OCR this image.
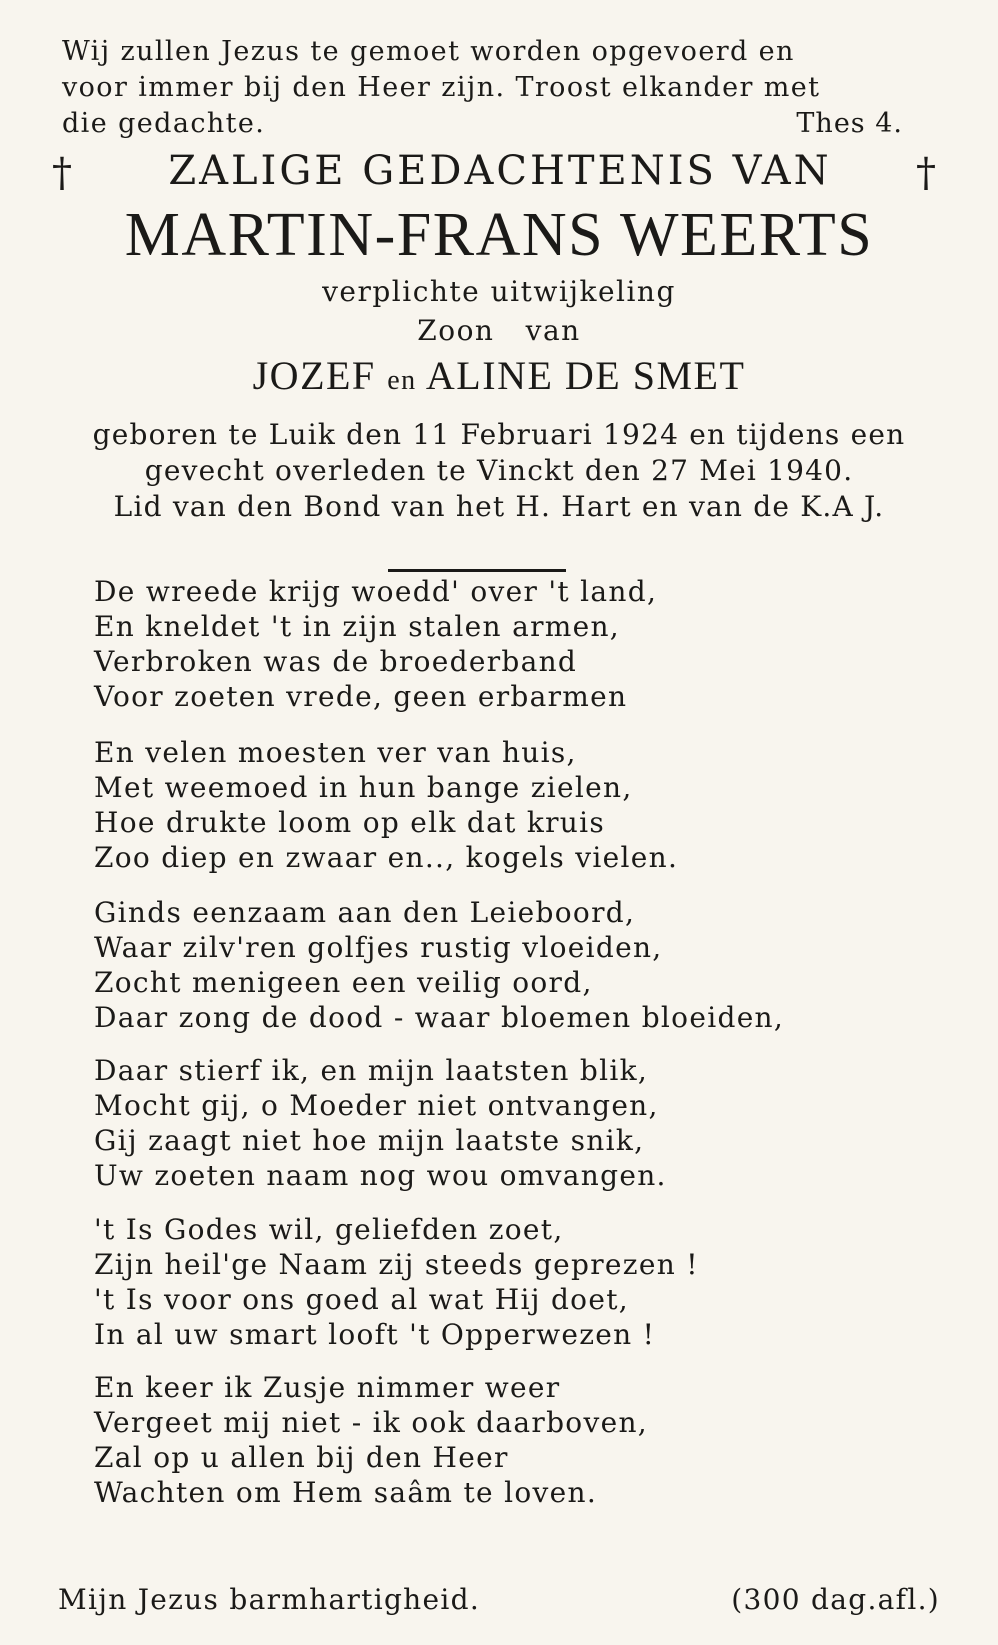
Wij zullen Jezus te gemoet worden opgevoerd en
voor immer bij den Heer zijn. Troost elkander met
die gedachte.	Thes 4.
†	ZALIGE GEDACHTENIS VAN	†
MARTIN-FRANS WEERTS
verplichte uitwijkeling
Zoon   van
JOZEF en ALINE DE SMET
geboren te Luik den 11 Februari 1924 en tijdens een
gevecht overleden te Vinckt den 27 Mei 1940.
Lid van den Bond van het H. Hart en van de K.A J.
De wreede krijg woedd' over 't land,
En kneldet 't in zijn stalen armen,
Verbroken was de broederband
Voor zoeten vrede, geen erbarmen
En velen moesten ver van huis,
Met weemoed in hun bange zielen,
Hoe drukte loom op elk dat kruis
Zoo diep en zwaar en.., kogels vielen.
Ginds eenzaam aan den Leieboord,
Waar zilv'ren golfjes rustig vloeiden,
Zocht menigeen een veilig oord,
Daar zong de dood - waar bloemen bloeiden,
Daar stierf ik, en mijn laatsten blik,
Mocht gij, o Moeder niet ontvangen,
Gij zaagt niet hoe mijn laatste snik,
Uw zoeten naam nog wou omvangen.
't Is Godes wil, geliefden zoet,
Zijn heil'ge Naam zij steeds geprezen !
't Is voor ons goed al wat Hij doet,
In al uw smart looft 't Opperwezen !
En keer ik Zusje nimmer weer
Vergeet mij niet - ik ook daarboven,
Zal op u allen bij den Heer
Wachten om Hem saâm te loven.
Mijn Jezus barmhartigheid.	(300 dag.afl.)
